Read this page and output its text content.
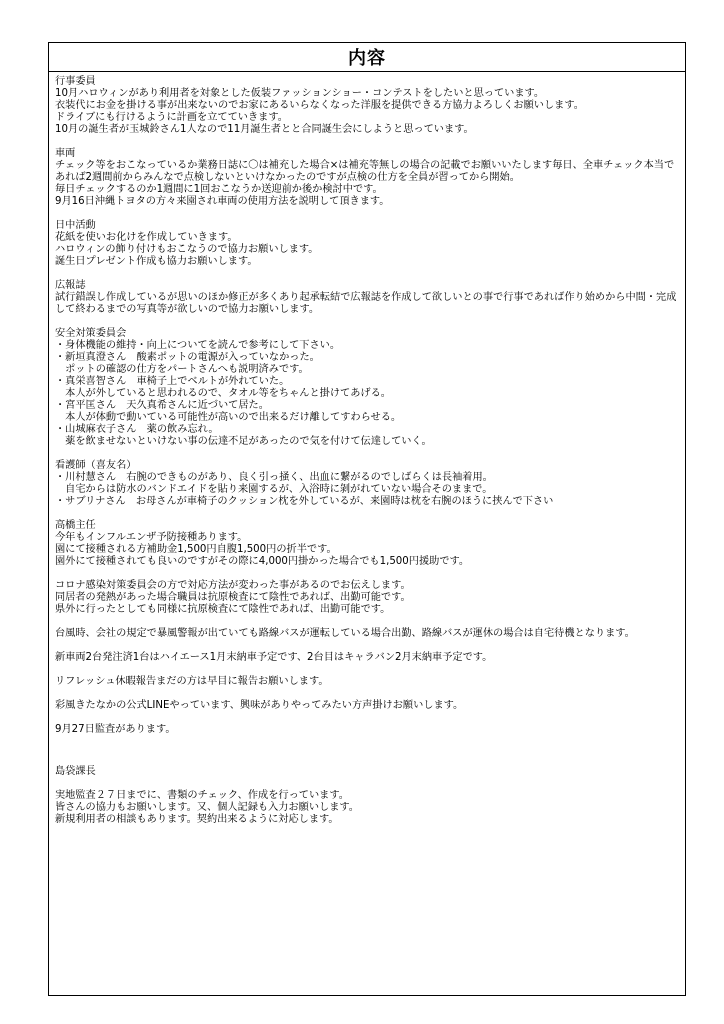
内容
行事委員
10月ハロウィンがあり利用者を対象とした仮装ファッションショー・コンテストをしたいと思っています。
衣装代にお金を掛ける事が出来ないのでお家にあるいらなくなった洋服を提供できる方協力よろしくお願いします。
ドライブにも行けるように計画を立てていきます。
10月の誕生者が玉城鈴さん1人なので11月誕生者とと合同誕生会にしようと思っています。
車両
チェック等をおこなっているか業務日誌に〇は補充した場合×は補充等無しの場合の記載でお願いいたします毎日、全車チェック本当であれば2週間前からみんなで点検しないといけなかったのですが点検の仕方を全員が習ってから開始。
毎日チェックするのか1週間に1回おこなうか送迎前か後か検討中です。
9月16日沖縄トヨタの方々来園され車両の使用方法を説明して頂きます。
日中活動
花紙を使いお化けを作成していきます。
ハロウィンの飾り付けもおこなうので協力お願いします。
誕生日プレゼント作成も協力お願いします。
広報誌
試行錯誤し作成しているが思いのほか修正が多くあり起承転結で広報誌を作成して欲しいとの事で行事であれば作り始めから中間・完成して終わるまでの写真等が欲しいので協力お願いします。
安全対策委員会
・身体機能の維持・向上についてを読んで参考にして下さい。
・新垣真澄さん　酸素ポットの電源が入っていなかった。
　ポットの確認の仕方をパートさんへも説明済みです。
・真栄喜智さん　車椅子上でベルトが外れていた。
　本人が外していると思われるので、タオル等をちゃんと掛けてあげる。
・宮平匡さん　天久真希さんに近づいて居た。
　本人が体動で動いている可能性が高いので出来るだけ離してすわらせる。
・山城麻衣子さん　薬の飲み忘れ。
　薬を飲ませないといけない事の伝達不足があったので気を付けて伝達していく。
看護師（喜友名）
・川村慧さん　右腕のできものがあり、良く引っ掻く、出血に繋がるのでしばらくは長袖着用。
　自宅からは防水のバンドエイドを貼り来園するが、入浴時に剝がれていない場合そのままで。
・サブリナさん　お母さんが車椅子のクッション枕を外しているが、来園時は枕を右腕のほうに挟んで下さい
高橋主任
今年もインフルエンザ予防接種あります。
園にて接種される方補助金1,500円自腹1,500円の折半です。
園外にて接種されても良いのですがその際に4,000円掛かった場合でも1,500円援助です。
コロナ感染対策委員会の方で対応方法が変わった事があるのでお伝えします。
同居者の発熱があった場合職員は抗原検査にて陰性であれば、出勤可能です。
県外に行ったとしても同様に抗原検査にて陰性であれば、出勤可能です。
台風時、会社の規定で暴風警報が出ていても路線バスが運転している場合出勤、路線バスが運休の場合は自宅待機となります。
新車両2台発注済1台はハイエース1月末納車予定です、2台目はキャラバン2月末納車予定です。
リフレッシュ休暇報告まだの方は早目に報告お願いします。
彩風きたなかの公式LINEやっています、興味がありやってみたい方声掛けお願いします。
9月27日監査があります。
島袋課長

実地監査２７日までに、書類のチェック、作成を行っています。
皆さんの協力もお願いします。又、個人記録も入力お願いします。
新規利用者の相談もあります。契約出来るように対応します。
